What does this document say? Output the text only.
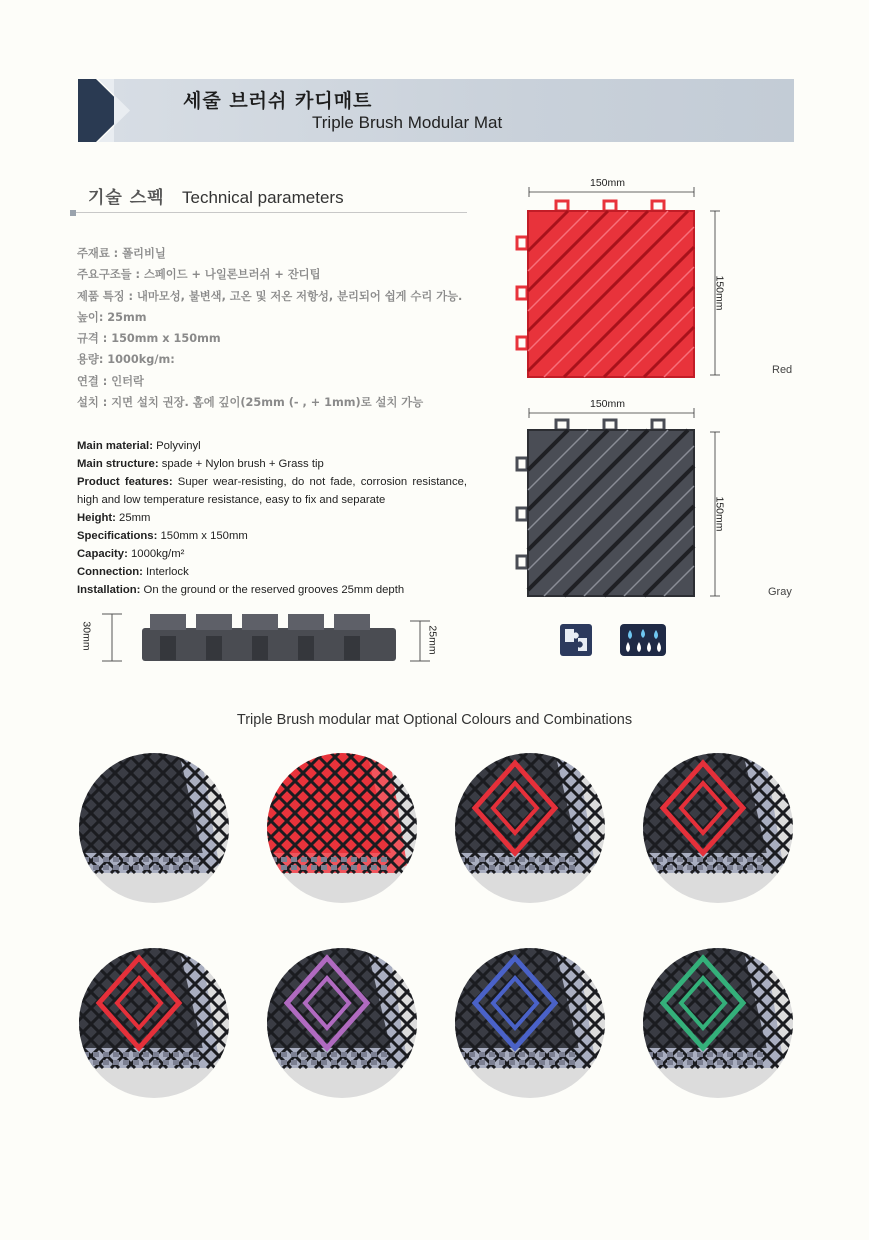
세줄 브러쉬 카디매트
Triple Brush Modular Mat
기술 스펙 Technical parameters
주재료 : 폴리비닐
주요구조들 : 스페이드 + 나일론브러쉬 + 잔디팁
제품 특징 : 내마모성, 불변색, 고온 및 저온 저항성, 분리되어 쉽게 수리 가능.
높이: 25mm
규격 : 150mm x 150mm
용량: 1000kg/m:
연결 : 인터락
설치 : 지면 설치 권장. 홈에 깊이(25mm (- , + 1mm)로 설치 가능
Main material: Polyvinyl
Main structure: spade + Nylon brush + Grass tip
Product features: Super wear-resisting, do not fade, corrosion resistance, high and low temperature resistance, easy to fix and separate
Height: 25mm
Specifications: 150mm x 150mm
Capacity: 1000kg/m²
Connection: Interlock
Installation: On the ground or the reserved grooves 25mm depth
30mm	25mm
150mm
150mm
Red
150mm
150mm
Gray
Triple Brush modular mat Optional Colours and Combinations
